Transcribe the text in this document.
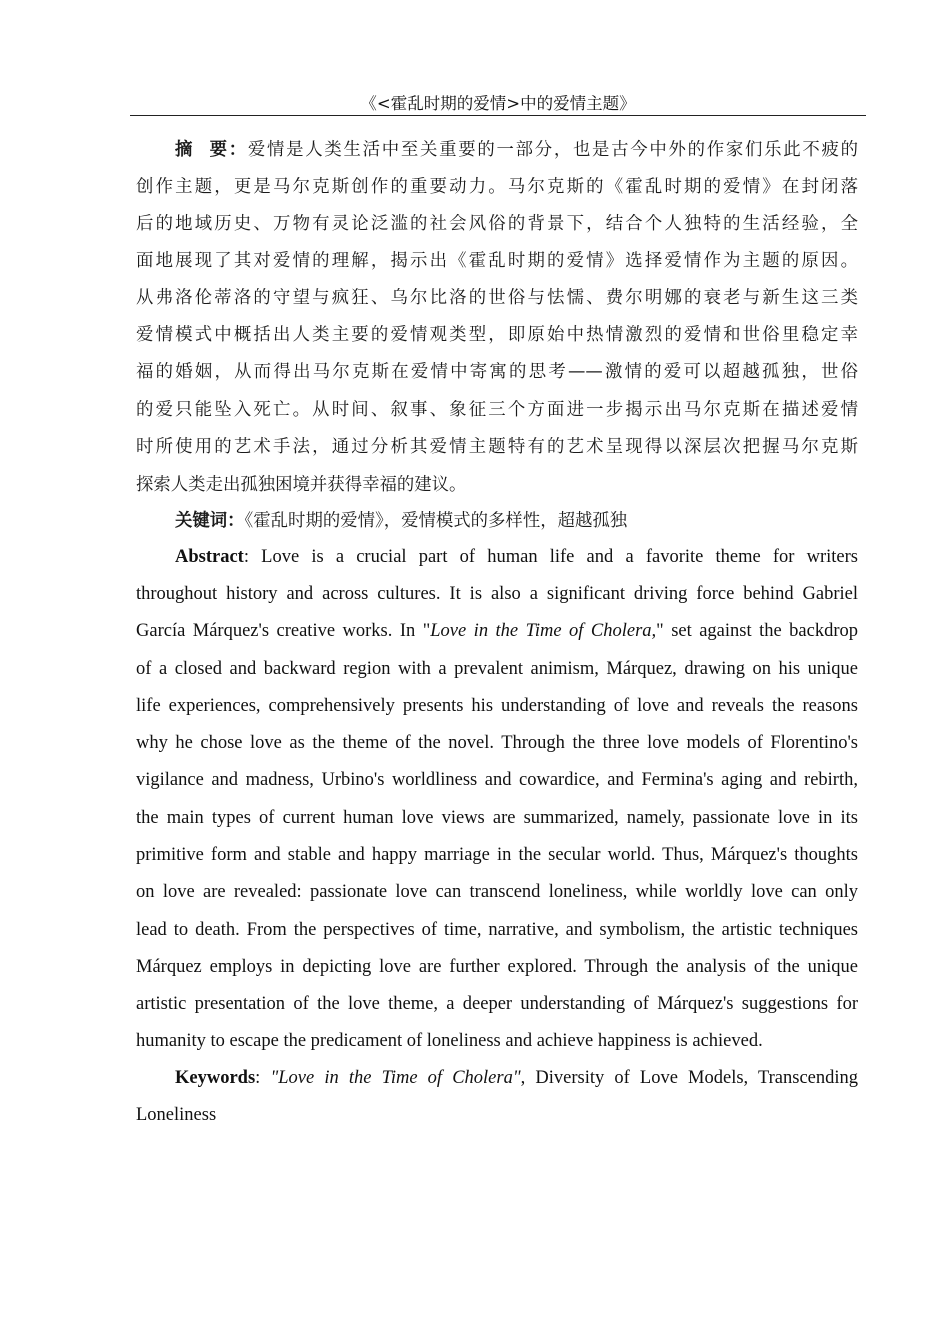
《<霍乱时期的爱情>中的爱情主题》
摘  要：爱情是人类生活中至关重要的一部分，也是古今中外的作家们乐此不疲的
创作主题，更是马尔克斯创作的重要动力。马尔克斯的《霍乱时期的爱情》在封闭落
后的地域历史、万物有灵论泛滥的社会风俗的背景下，结合个人独特的生活经验，全
面地展现了其对爱情的理解，揭示出《霍乱时期的爱情》选择爱情作为主题的原因。
从弗洛伦蒂洛的守望与疯狂、乌尔比洛的世俗与怯懦、费尔明娜的衰老与新生这三类
爱情模式中概括出人类主要的爱情观类型，即原始中热情激烈的爱情和世俗里稳定幸
福的婚姻，从而得出马尔克斯在爱情中寄寓的思考——激情的爱可以超越孤独，世俗
的爱只能坠入死亡。从时间、叙事、象征三个方面进一步揭示出马尔克斯在描述爱情
时所使用的艺术手法，通过分析其爱情主题特有的艺术呈现得以深层次把握马尔克斯
探索人类走出孤独困境并获得幸福的建议。
关键词：《霍乱时期的爱情》，爱情模式的多样性，超越孤独
Abstract: Love is a crucial part of human life and a favorite theme for writers
throughout history and across cultures. It is also a significant driving force behind Gabriel
García Márquez's creative works. In "Love in the Time of Cholera," set against the backdrop
of a closed and backward region with a prevalent animism, Márquez, drawing on his unique
life experiences, comprehensively presents his understanding of love and reveals the reasons
why he chose love as the theme of the novel. Through the three love models of Florentino's
vigilance and madness, Urbino's worldliness and cowardice, and Fermina's aging and rebirth,
the main types of current human love views are summarized, namely, passionate love in its
primitive form and stable and happy marriage in the secular world. Thus, Márquez's thoughts
on love are revealed: passionate love can transcend loneliness, while worldly love can only
lead to death. From the perspectives of time, narrative, and symbolism, the artistic techniques
Márquez employs in depicting love are further explored. Through the analysis of the unique
artistic presentation of the love theme, a deeper understanding of Márquez's suggestions for
humanity to escape the predicament of loneliness and achieve happiness is achieved.
Keywords: "Love in the Time of Cholera", Diversity of Love Models, Transcending
Loneliness
